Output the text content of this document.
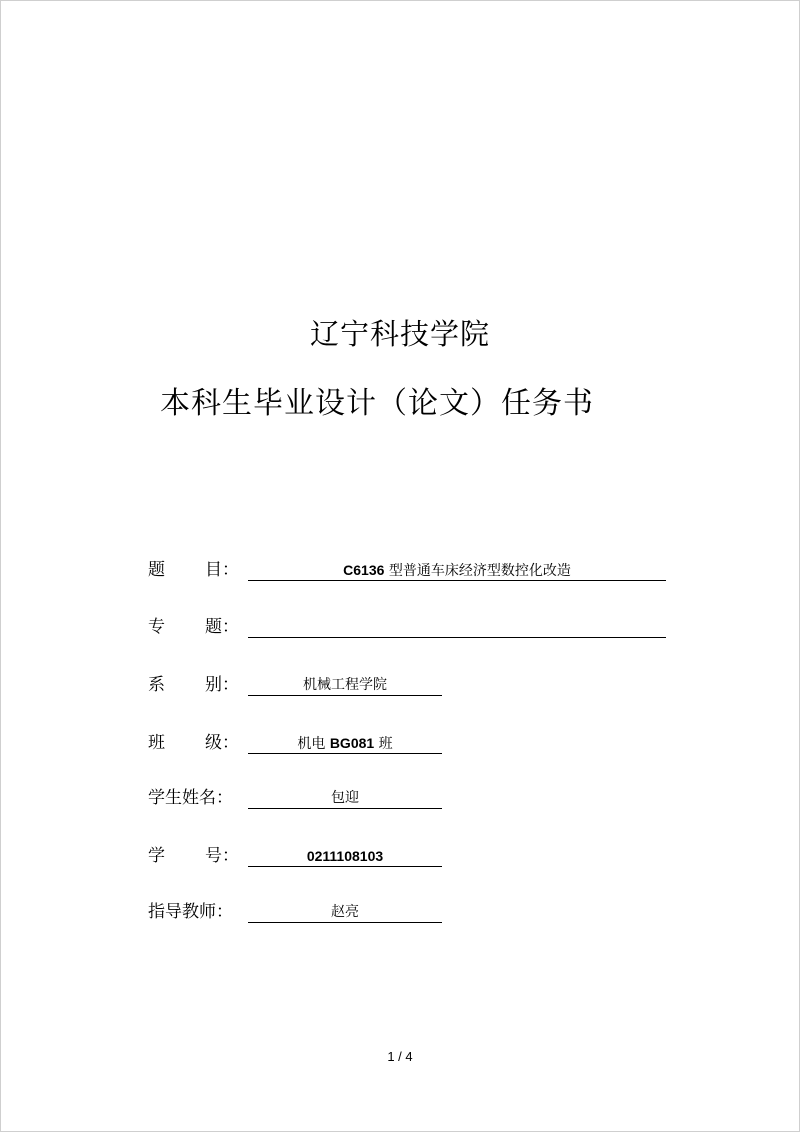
辽宁科技学院
本科生毕业设计（论文）任务书
题 目：	C6136 型普通车床经济型数控化改造
专 题：
系 别：	机械工程学院
班 级：	机电 BG081 班
学生姓名：	包迎
学 号：	0211108103
指导教师：	赵亮
1 / 4
